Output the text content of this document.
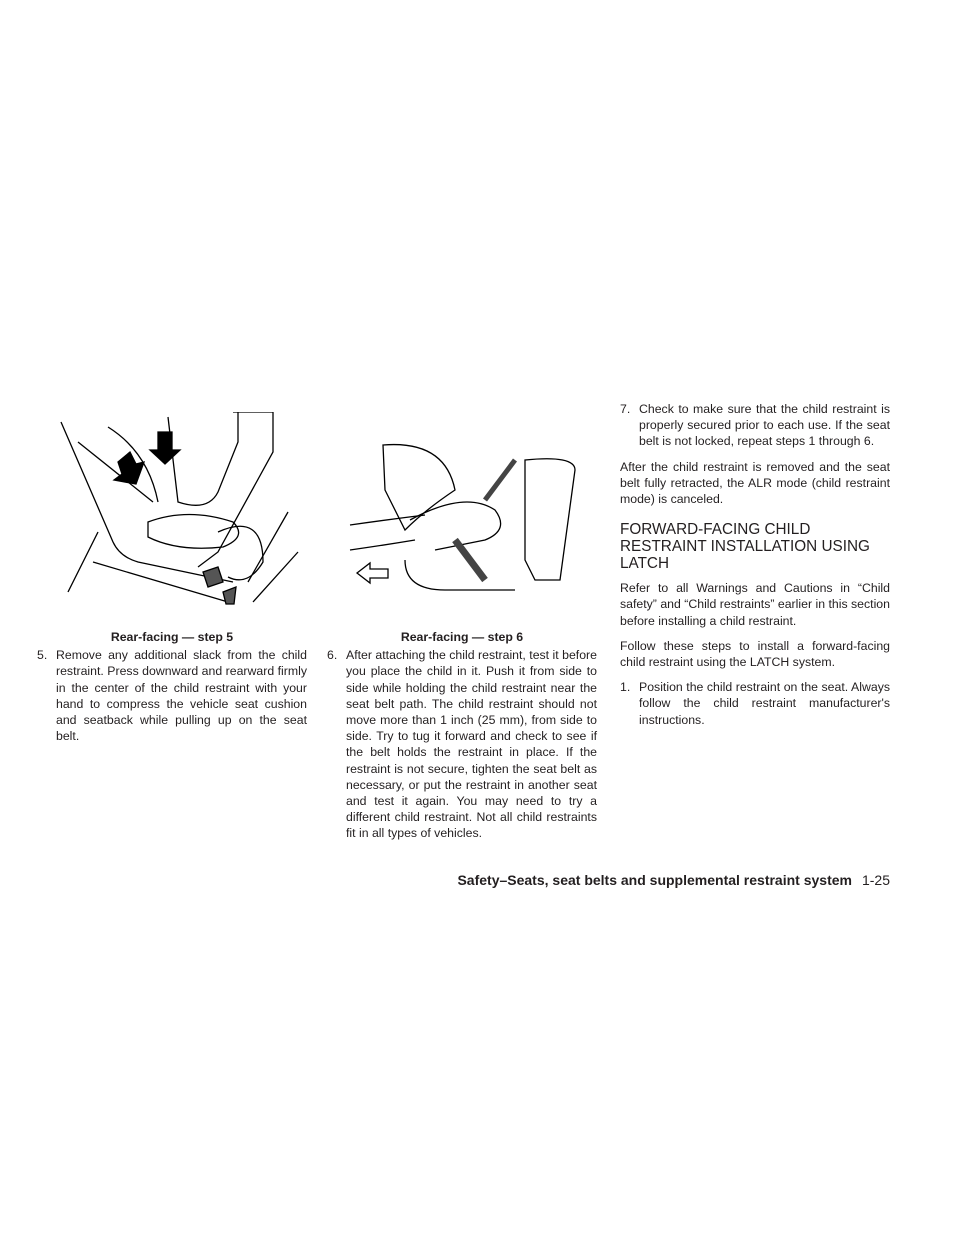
Rear-facing — step 5
5. Remove any additional slack from the child restraint. Press downward and rearward firmly in the center of the child restraint with your hand to compress the vehicle seat cushion and seatback while pulling up on the seat belt.
Rear-facing — step 6
6. After attaching the child restraint, test it before you place the child in it. Push it from side to side while holding the child restraint near the seat belt path. The child restraint should not move more than 1 inch (25 mm), from side to side. Try to tug it forward and check to see if the belt holds the restraint in place. If the restraint is not secure, tighten the seat belt as necessary, or put the restraint in another seat and test it again. You may need to try a different child restraint. Not all child restraints fit in all types of vehicles.
7. Check to make sure that the child restraint is properly secured prior to each use. If the seat belt is not locked, repeat steps 1 through 6.

After the child restraint is removed and the seat belt fully retracted, the ALR mode (child restraint mode) is canceled.

FORWARD-FACING CHILD RESTRAINT INSTALLATION USING LATCH

Refer to all Warnings and Cautions in “Child safety” and “Child restraints” earlier in this section before installing a child restraint.

Follow these steps to install a forward-facing child restraint using the LATCH system.

1. Position the child restraint on the seat. Always follow the child restraint manufacturer's instructions.
Safety–Seats, seat belts and supplemental restraint system 1-25
